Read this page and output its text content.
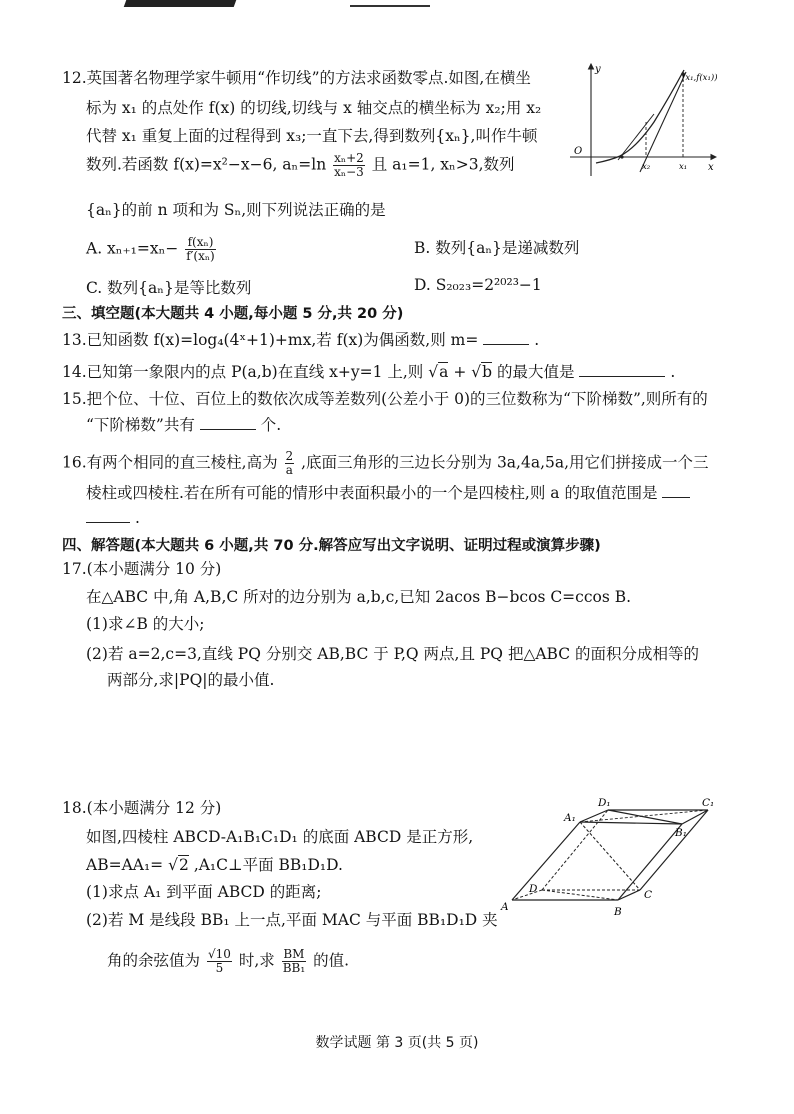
12.英国著名物理学家牛顿用“作切线”的方法求函数零点.如图,在横坐
标为 x₁ 的点处作 f(x) 的切线,切线与 x 轴交点的横坐标为 x₂;用 x₂
代替 x₁ 重复上面的过程得到 x₃;一直下去,得到数列{xₙ},叫作牛顿
数列.若函数 f(x)=x²−x−6, $a_n=\ln \frac{\text{xₙ+2}}{\text{xₙ−3}}$ 且 a₁=1, xₙ>3,数列
{aₙ}的前 n 项和为 Sₙ,则下列说法正确的是
A. $x_{n+1}=x_n- \frac{\text{f(xₙ)}}{\text{f′(xₙ)}}$	B. 数列{aₙ}是递减数列
C. 数列{aₙ}是等比数列	D. S₂₀₂₃=2²⁰²³−1
y
x
O
(x₁,f(x₁))
x₂	x₁
三、填空题(本大题共 4 小题,每小题 5 分,共 20 分)
13.已知函数 f(x)=log₄(4ˣ+1)+mx,若 f(x)为偶函数,则 m=	.
14.已知第一象限内的点 P(a,b)在直线 x+y=1 上,则 √a + √b 的最大值是	.
15.把个位、十位、百位上的数依次成等差数列(公差小于 0)的三位数称为“下阶梯数”,则所有的
“下阶梯数”共有	个.
16.有两个相同的直三棱柱,高为 $\frac{2}{a}$ ,底面三角形的三边长分别为 3a,4a,5a,用它们拼接成一个三
棱柱或四棱柱.若在所有可能的情形中表面积最小的一个是四棱柱,则 a 的取值范围是
.
四、解答题(本大题共 6 小题,共 70 分.解答应写出文字说明、证明过程或演算步骤)
17.(本小题满分 10 分)
在△ABC 中,角 A,B,C 所对的边分别为 a,b,c,已知 2acos B−bcos C=ccos B.
(1)求∠B 的大小;
(2)若 a=2,c=3,直线 PQ 分别交 AB,BC 于 P,Q 两点,且 PQ 把△ABC 的面积分成相等的
两部分,求|PQ|的最小值.
18.(本小题满分 12 分)
如图,四棱柱 ABCD-A₁B₁C₁D₁ 的底面 ABCD 是正方形,
AB=AA₁= √2 ,A₁C⊥平面 BB₁D₁D.
(1)求点 A₁ 到平面 ABCD 的距离;
(2)若 M 是线段 BB₁ 上一点,平面 MAC 与平面 BB₁D₁D 夹
角的余弦值为 $\frac{√10}{5}$ 时,求 $\frac{BM}{\text{BB₁}}$ 的值.
A	B
C
D
A₁
B₁
C₁
D₁
数学试题 第 3 页(共 5 页)
